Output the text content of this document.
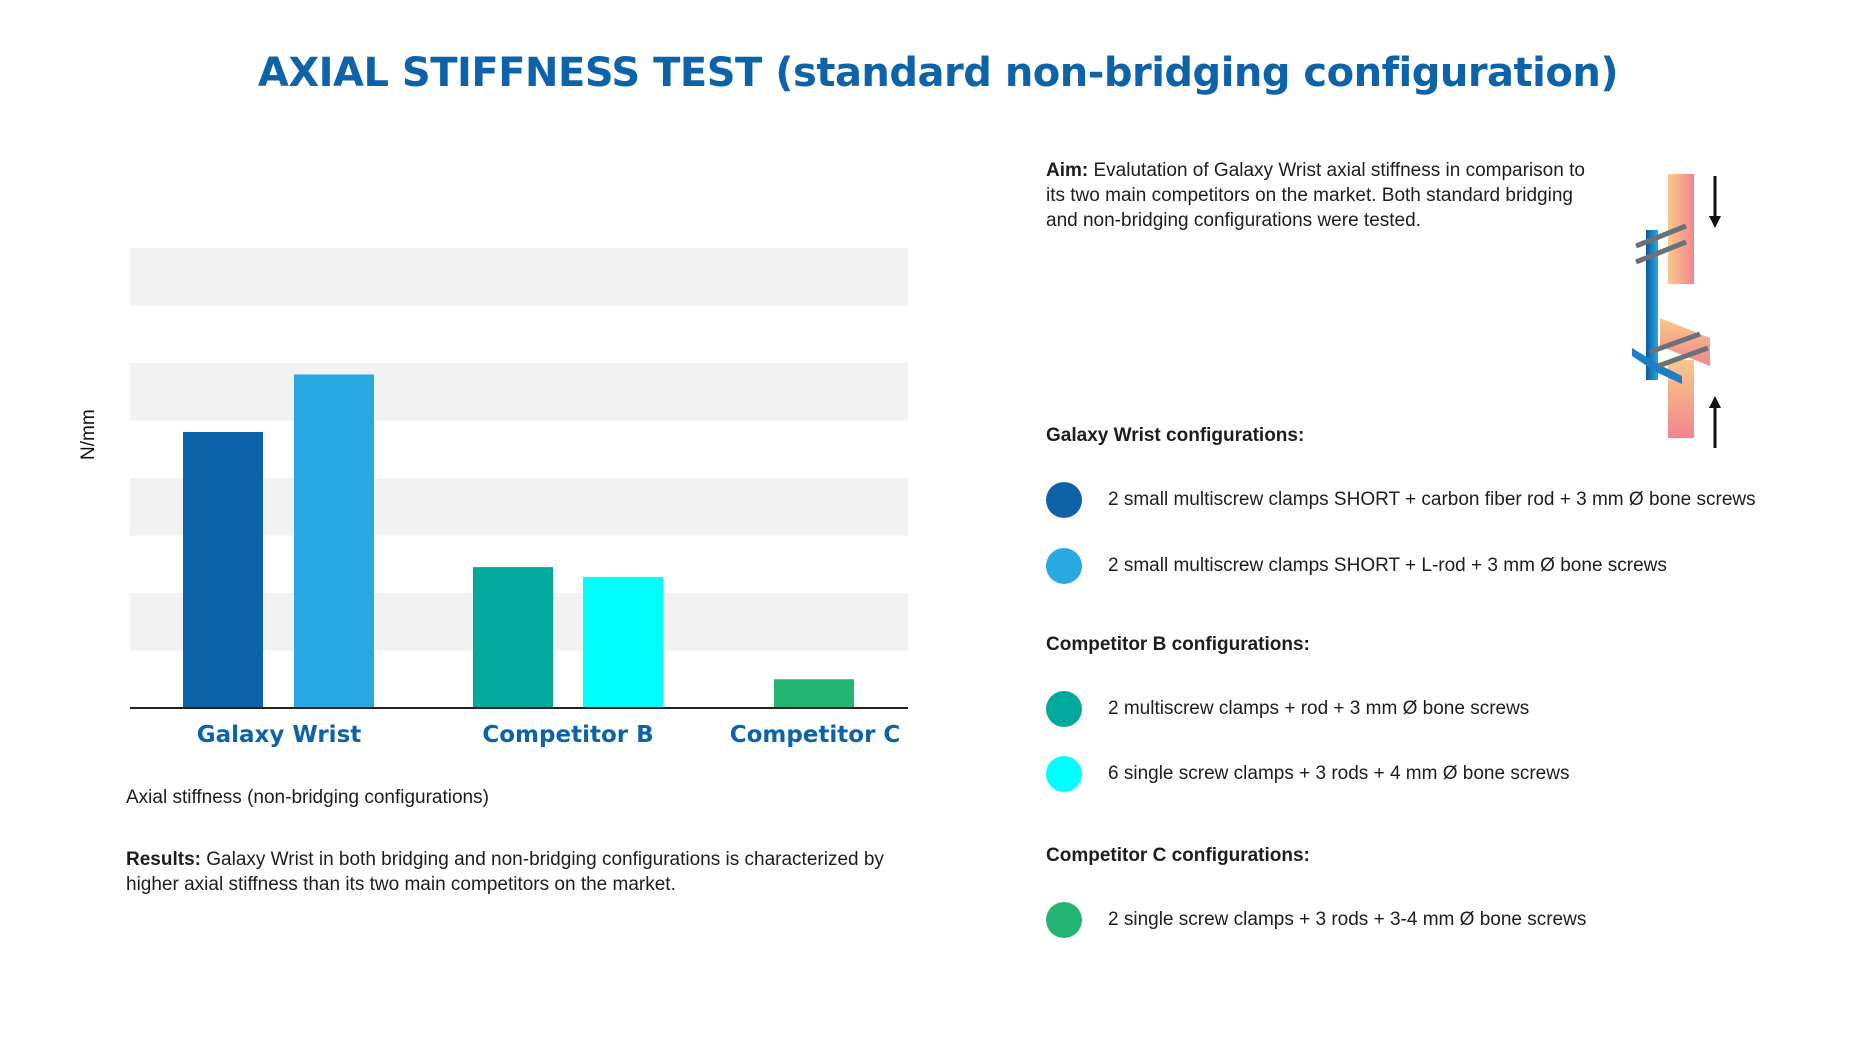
AXIAL STIFFNESS TEST (standard non-bridging configuration)
N/mm
Galaxy Wrist	Competitor B	Competitor C
Axial stiffness (non-bridging configurations)
Results: Galaxy Wrist in both bridging and non-bridging configurations is characterized by higher axial stiffness than its two main competitors on the market.
Aim: Evalutation of Galaxy Wrist axial stiffness in comparison to its two main competitors on the market. Both standard bridging and non-bridging configurations were tested.
Galaxy Wrist configurations:
2 small multiscrew clamps SHORT + carbon fiber rod + 3 mm Ø bone screws
2 small multiscrew clamps SHORT + L-rod + 3 mm Ø bone screws
Competitor B configurations:
2 multiscrew clamps + rod + 3 mm Ø bone screws
6 single screw clamps + 3 rods + 4 mm Ø bone screws
Competitor C configurations:
2 single screw clamps + 3 rods + 3-4 mm Ø bone screws
